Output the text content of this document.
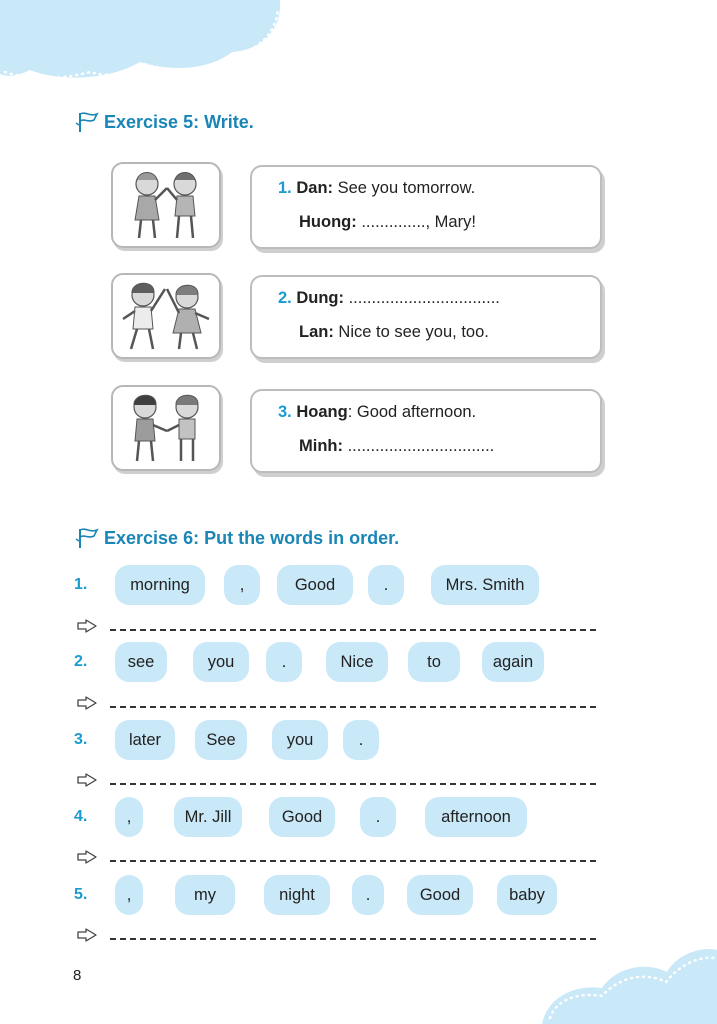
Exercise 5: Write.
1. Dan: See you tomorrow.
Huong: .............., Mary!
2. Dung: .................................
Lan: Nice to see you, too.
3. Hoang: Good afternoon.
Minh: ................................
Exercise 6: Put the words in order.
1.	morning	,	Good	.	Mrs. Smith
2.	see	you	.	Nice	to	again
3.	later	See	you	.
4.	,	Mr. Jill	Good	.	afternoon
5.	,	my	night	.	Good	baby
8
